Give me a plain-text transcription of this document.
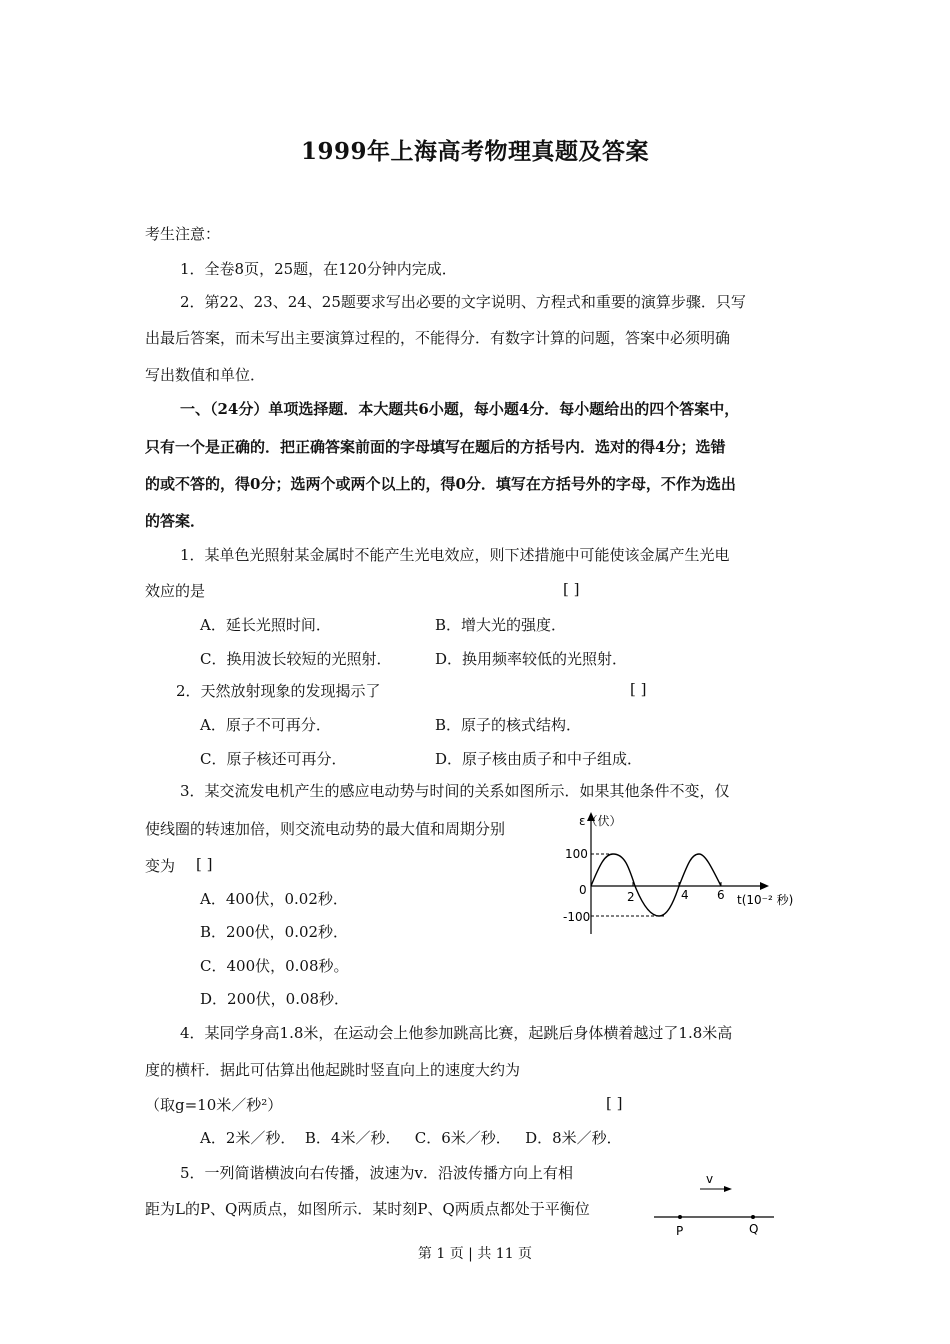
1999年上海高考物理真题及答案
考生注意：
1．全卷8页，25题，在120分钟内完成．
2．第22、23、24、25题要求写出必要的文字说明、方程式和重要的演算步骤．只写
出最后答案，而未写出主要演算过程的，不能得分．有数字计算的问题，答案中必须明确
写出数值和单位．
一、（24分）单项选择题．本大题共6小题，每小题4分．每小题给出的四个答案中，
只有一个是正确的．把正确答案前面的字母填写在题后的方括号内．选对的得4分；选错
的或不答的，得0分；选两个或两个以上的，得0分．填写在方括号外的字母，不作为选出
的答案．
1．某单色光照射某金属时不能产生光电效应，则下述措施中可能使该金属产生光电
效应的是	[ ]
A．延长光照时间．	B．增大光的强度．
C．换用波长较短的光照射．	D．换用频率较低的光照射．
2．天然放射现象的发现揭示了	[ ]
A．原子不可再分．	B．原子的核式结构．
C．原子核还可再分．	D．原子核由质子和中子组成．
3．某交流发电机产生的感应电动势与时间的关系如图所示．如果其他条件不变，仅
使线圈的转速加倍，则交流电动势的最大值和周期分别
变为 [ ]
A．400伏，0.02秒．
B．200伏，0.02秒．
C．400伏，0.08秒。
D．200伏，0.08秒．
ε（伏）
100
0
-100
2	4 6 t(10⁻² 秒)
4．某同学身高1.8米，在运动会上他参加跳高比赛，起跳后身体横着越过了1.8米高
度的横杆．据此可估算出他起跳时竖直向上的速度大约为
（取g=10米／秒²）	[ ]
A．2米／秒．  B．4米／秒．   C．6米／秒．   D．8米／秒．
5．一列简谐横波向右传播，波速为v．沿波传播方向上有相
距为L的P、Q两质点，如图所示．某时刻P、Q两质点都处于平衡位
v
P	Q
第 1 页 | 共 11 页
